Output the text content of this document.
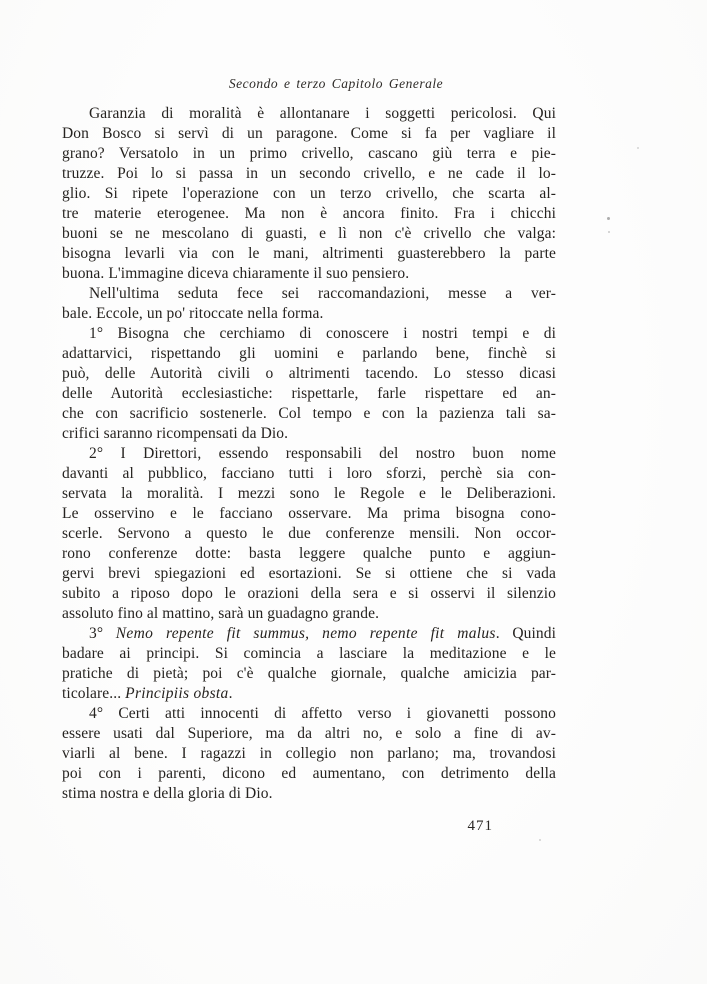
Secondo e terzo Capitolo Generale
Garanzia di moralità è allontanare i soggetti pericolosi. Qui
Don Bosco si servì di un paragone. Come si fa per vagliare il
grano? Versatolo in un primo crivello, cascano giù terra e pie-
truzze. Poi lo si passa in un secondo crivello, e ne cade il lo-
glio. Si ripete l'operazione con un terzo crivello, che scarta al-
tre materie eterogenee. Ma non è ancora finito. Fra i chicchi
buoni se ne mescolano di guasti, e lì non c'è crivello che valga:
bisogna levarli via con le mani, altrimenti guasterebbero la parte
buona. L'immagine diceva chiaramente il suo pensiero.
Nell'ultima seduta fece sei raccomandazioni, messe a ver-
bale. Eccole, un po' ritoccate nella forma.
1° Bisogna che cerchiamo di conoscere i nostri tempi e di
adattarvici, rispettando gli uomini e parlando bene, finchè si
può, delle Autorità civili o altrimenti tacendo. Lo stesso dicasi
delle Autorità ecclesiastiche: rispettarle, farle rispettare ed an-
che con sacrificio sostenerle. Col tempo e con la pazienza tali sa-
crifici saranno ricompensati da Dio.
2° I Direttori, essendo responsabili del nostro buon nome
davanti al pubblico, facciano tutti i loro sforzi, perchè sia con-
servata la moralità. I mezzi sono le Regole e le Deliberazioni.
Le osservino e le facciano osservare. Ma prima bisogna cono-
scerle. Servono a questo le due conferenze mensili. Non occor-
rono conferenze dotte: basta leggere qualche punto e aggiun-
gervi brevi spiegazioni ed esortazioni. Se si ottiene che si vada
subito a riposo dopo le orazioni della sera e si osservi il silenzio
assoluto fino al mattino, sarà un guadagno grande.
3° Nemo repente fit summus, nemo repente fit malus. Quindi
badare ai principi. Si comincia a lasciare la meditazione e le
pratiche di pietà; poi c'è qualche giornale, qualche amicizia par-
ticolare... Principiis obsta.
4° Certi atti innocenti di affetto verso i giovanetti possono
essere usati dal Superiore, ma da altri no, e solo a fine di av-
viarli al bene. I ragazzi in collegio non parlano; ma, trovandosi
poi con i parenti, dicono ed aumentano, con detrimento della
stima nostra e della gloria di Dio.
471
